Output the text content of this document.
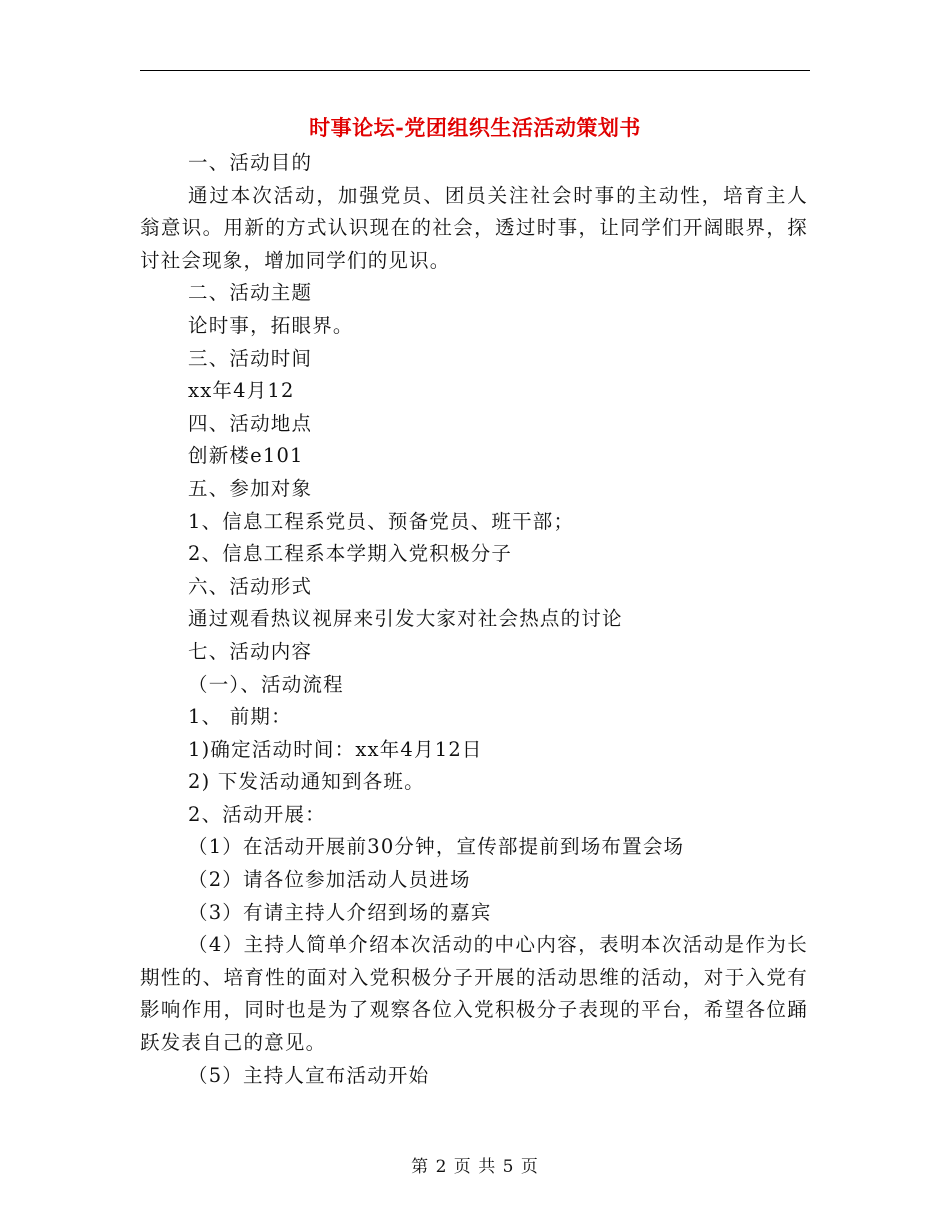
时事论坛-党团组织生活活动策划书

一、活动目的

通过本次活动，加强党员、团员关注社会时事的主动性，培育主人翁意识。用新的方式认识现在的社会，透过时事，让同学们开阔眼界，探讨社会现象，增加同学们的见识。

二、活动主题

论时事，拓眼界。

三、活动时间

xx年4月12

四、活动地点

创新楼e101

五、参加对象

1、信息工程系党员、预备党员、班干部；

2、信息工程系本学期入党积极分子

六、活动形式

通过观看热议视屏来引发大家对社会热点的讨论

七、活动内容

（一）、活动流程

1、 前期：

1)确定活动时间：xx年4月12日

2) 下发活动通知到各班。

2、活动开展：

（1）在活动开展前30分钟，宣传部提前到场布置会场

（2）请各位参加活动人员进场

（3）有请主持人介绍到场的嘉宾

（4）主持人简单介绍本次活动的中心内容，表明本次活动是作为长期性的、培育性的面对入党积极分子开展的活动思维的活动，对于入党有影响作用，同时也是为了观察各位入党积极分子表现的平台，希望各位踊跃发表自己的意见。

（5）主持人宣布活动开始

第 2 页 共 5 页
